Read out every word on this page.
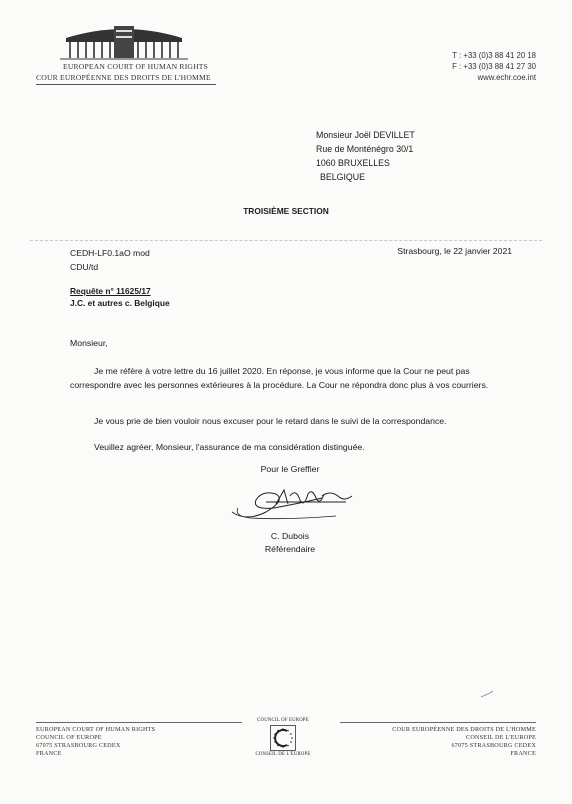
EUROPEAN COURT OF HUMAN RIGHTS
COUR EUROPÉENNE DES DROITS DE L'HOMME
T : +33 (0)3 88 41 20 18
F : +33 (0)3 88 41 27 30
www.echr.coe.int
Monsieur Joël DEVILLET
Rue de Monténégro 30/1
1060 BRUXELLES
BELGIQUE
TROISIÈME SECTION
CEDH-LF0.1aO mod
CDU/td
Strasbourg, le 22 janvier 2021
Requête n° 11625/17
J.C. et autres c. Belgique
Monsieur,
Je me réfère à votre lettre du 16 juillet 2020. En réponse, je vous informe que la Cour ne peut pas correspondre avec les personnes extérieures à la procédure. La Cour ne répondra donc plus à vos courriers.
Je vous prie de bien vouloir nous excuser pour le retard dans le suivi de la correspondance.
Veuillez agréer, Monsieur, l'assurance de ma considération distinguée.
Pour le Greffier
C. Dubois
Référendaire
EUROPEAN COURT OF HUMAN RIGHTS
COUNCIL OF EUROPE
67075 STRASBOURG CEDEX
FRANCE
COUNCIL OF EUROPE
CONSEIL DE L'EUROPE
COUR EUROPÉENNE DES DROITS DE L'HOMME
CONSEIL DE L'EUROPE
67075 STRASBOURG CEDEX
FRANCE
